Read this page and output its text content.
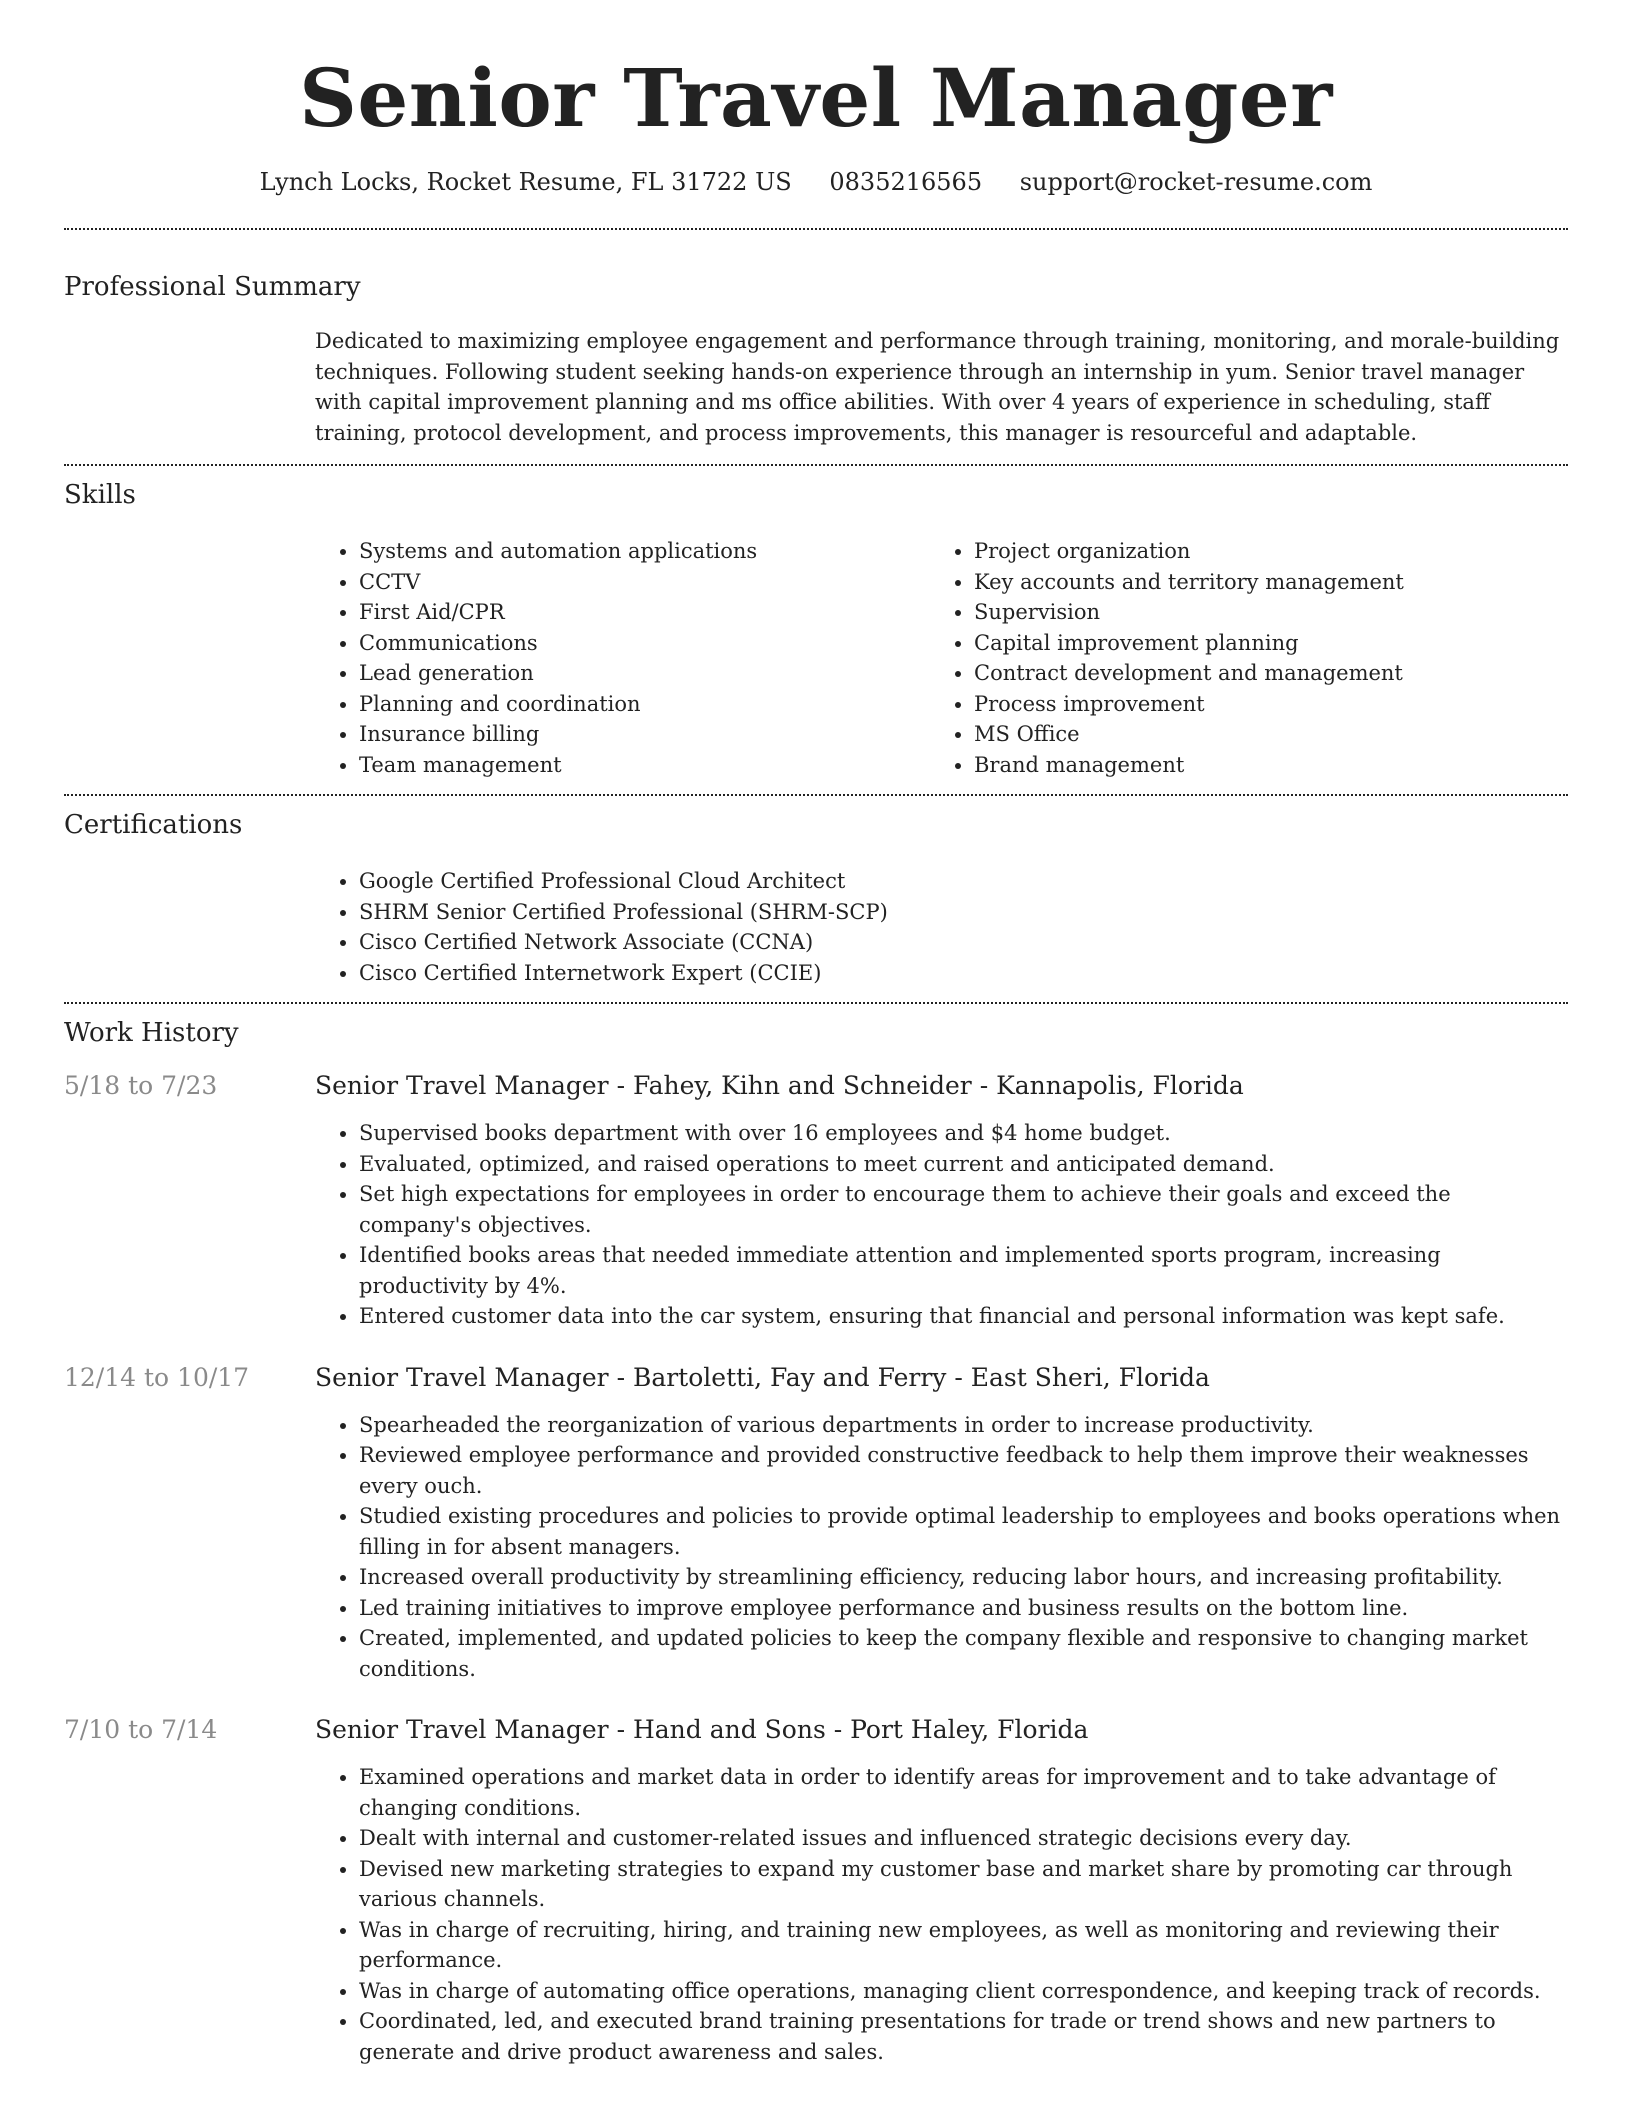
Senior Travel Manager
Lynch Locks, Rocket Resume, FL 31722 US 0835216565 support@rocket-resume.com
Professional Summary
Dedicated to maximizing employee engagement and performance through training, monitoring, and morale-building techniques. Following student seeking hands-on experience through an internship in yum. Senior travel manager with capital improvement planning and ms office abilities. With over 4 years of experience in scheduling, staff training, protocol development, and process improvements, this manager is resourceful and adaptable.
Skills
• Systems and automation applications
• CCTV
• First Aid/CPR
• Communications
• Lead generation
• Planning and coordination
• Insurance billing
• Team management
• Project organization
• Key accounts and territory management
• Supervision
• Capital improvement planning
• Contract development and management
• Process improvement
• MS Office
• Brand management
Certifications
• Google Certified Professional Cloud Architect
• SHRM Senior Certified Professional (SHRM-SCP)
• Cisco Certified Network Associate (CCNA)
• Cisco Certified Internetwork Expert (CCIE)
Work History
5/18 to 7/23	Senior Travel Manager - Fahey, Kihn and Schneider - Kannapolis, Florida
• Supervised books department with over 16 employees and $4 home budget.
• Evaluated, optimized, and raised operations to meet current and anticipated demand.
• Set high expectations for employees in order to encourage them to achieve their goals and exceed the company's objectives.
• Identified books areas that needed immediate attention and implemented sports program, increasing productivity by 4%.
• Entered customer data into the car system, ensuring that financial and personal information was kept safe.
12/14 to 10/17	Senior Travel Manager - Bartoletti, Fay and Ferry - East Sheri, Florida
• Spearheaded the reorganization of various departments in order to increase productivity.
• Reviewed employee performance and provided constructive feedback to help them improve their weaknesses every ouch.
• Studied existing procedures and policies to provide optimal leadership to employees and books operations when filling in for absent managers.
• Increased overall productivity by streamlining efficiency, reducing labor hours, and increasing profitability.
• Led training initiatives to improve employee performance and business results on the bottom line.
• Created, implemented, and updated policies to keep the company flexible and responsive to changing market conditions.
7/10 to 7/14	Senior Travel Manager - Hand and Sons - Port Haley, Florida
• Examined operations and market data in order to identify areas for improvement and to take advantage of changing conditions.
• Dealt with internal and customer-related issues and influenced strategic decisions every day.
• Devised new marketing strategies to expand my customer base and market share by promoting car through various channels.
• Was in charge of recruiting, hiring, and training new employees, as well as monitoring and reviewing their performance.
• Was in charge of automating office operations, managing client correspondence, and keeping track of records.
• Coordinated, led, and executed brand training presentations for trade or trend shows and new partners to generate and drive product awareness and sales.
